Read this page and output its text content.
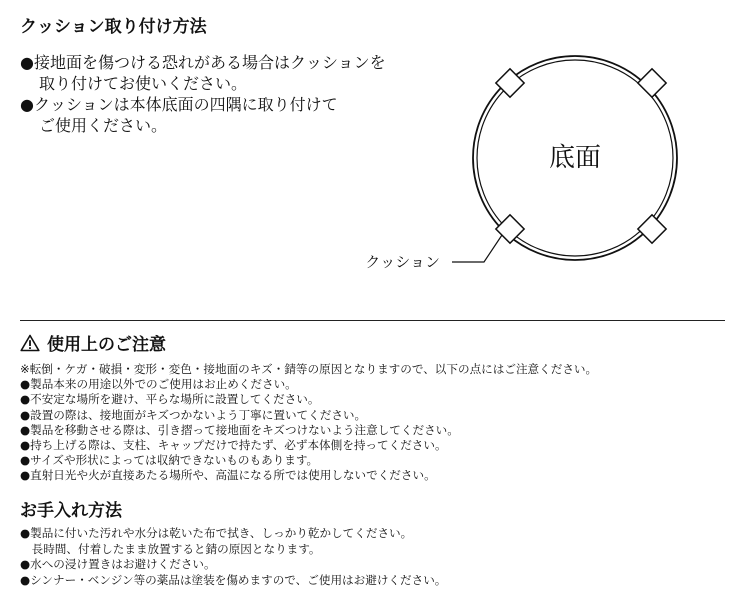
クッション取り付け方法
●接地面を傷つける恐れがある場合はクッションを
取り付けてお使いください。
●クッションは本体底面の四隅に取り付けて
ご使用ください。
底面
クッション
使用上のご注意
※転倒・ケガ・破損・変形・変色・接地面のキズ・錆等の原因となりますので、以下の点にはご注意ください。
●製品本来の用途以外でのご使用はお止めください。
●不安定な場所を避け、平らな場所に設置してください。
●設置の際は、接地面がキズつかないよう丁寧に置いてください。
●製品を移動させる際は、引き摺って接地面をキズつけないよう注意してください。
●持ち上げる際は、支柱、キャップだけで持たず、必ず本体側を持ってください。
●サイズや形状によっては収納できないものもあります。
●直射日光や火が直接あたる場所や、高温になる所では使用しないでください。
お手入れ方法
●製品に付いた汚れや水分は乾いた布で拭き、しっかり乾かしてください。
　長時間、付着したまま放置すると錆の原因となります。
●水への浸け置きはお避けください。
●シンナー・ベンジン等の薬品は塗装を傷めますので、ご使用はお避けください。
